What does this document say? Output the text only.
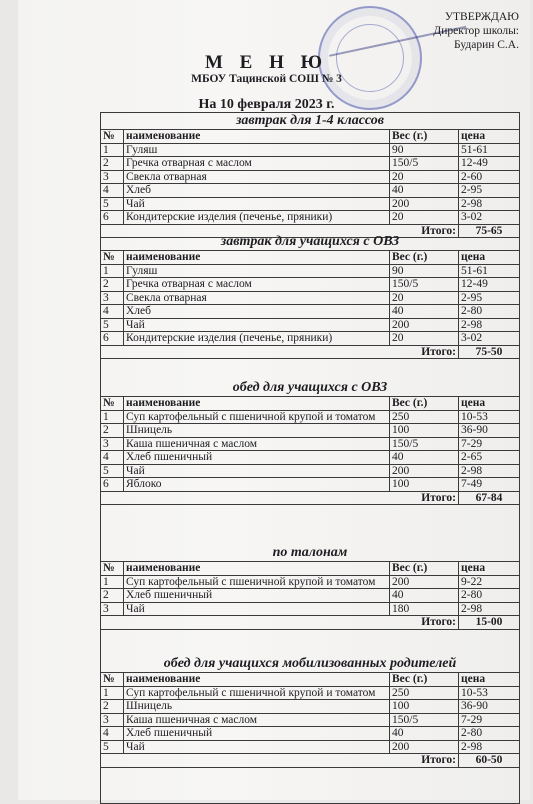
УТВЕРЖДАЮ
Директор школы:
Бударин С.А.
М Е Н Ю
МБОУ Тацинской СОШ № 3
На 10 февраля 2023 г.
завтрак для 1-4 классов
№	наименование	Вес (г.)	цена
1	Гуляш	90	51-61
2	Гречка отварная с маслом	150/5	12-49
3	Свекла отварная	20	2-60
4	Хлеб	40	2-95
5	Чай	200	2-98
6	Кондитерские изделия (печенье, пряники)	20	3-02
Итого:			75-65
завтрак для учащихся с ОВЗ
№	наименование	Вес (г.)	цена
1	Гуляш	90	51-61
2	Гречка отварная с маслом	150/5	12-49
3	Свекла отварная	20	2-95
4	Хлеб	40	2-80
5	Чай	200	2-98
6	Кондитерские изделия (печенье, пряники)	20	3-02
Итого:			75-50
обед для учащихся с ОВЗ
№	наименование	Вес (г.)	цена
1	Суп картофельный с пшеничной крупой и томатом	250	10-53
2	Шницель	100	36-90
3	Каша пшеничная с маслом	150/5	7-29
4	Хлеб пшеничный	40	2-65
5	Чай	200	2-98
6	Яблоко	100	7-49
Итого:			67-84
по талонам
№	наименование	Вес (г.)	цена
1	Суп картофельный с пшеничной крупой и томатом	200	9-22
2	Хлеб пшеничный	40	2-80
3	Чай	180	2-98
Итого:			15-00
обед для учащихся мобилизованных родителей
№	наименование	Вес (г.)	цена
1	Суп картофельный с пшеничной крупой и томатом	250	10-53
2	Шницель	100	36-90
3	Каша пшеничная с маслом	150/5	7-29
4	Хлеб пшеничный	40	2-80
5	Чай	200	2-98
Итого:			60-50
